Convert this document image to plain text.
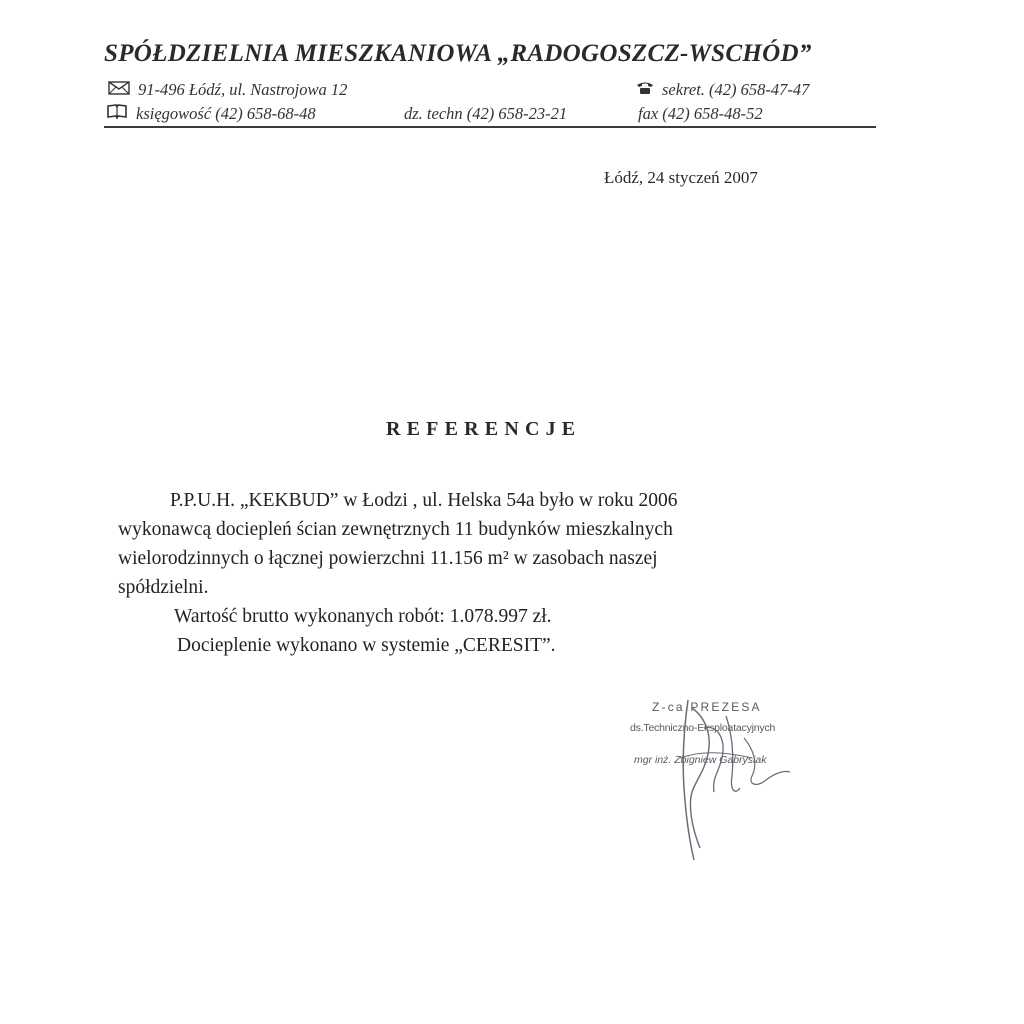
SPÓŁDZIELNIA MIESZKANIOWA „RADOGOSZCZ-WSCHÓD”
91-496 Łódź, ul. Nastrojowa 12	sekret. (42) 658-47-47
księgowość (42) 658-68-48	dz. techn (42) 658-23-21	fax (42) 658-48-52
Łódź, 24 styczeń 2007
REFERENCJE
P.P.U.H. „KEKBUD” w Łodzi , ul. Helska 54a było w roku 2006
wykonawcą dociepleń ścian zewnętrznych 11 budynków mieszkalnych
wielorodzinnych o łącznej powierzchni 11.156 m² w zasobach naszej
spółdzielni.
Wartość brutto wykonanych robót: 1.078.997 zł.
Docieplenie wykonano w systemie „CERESIT”.
Z-ca PREZESA
ds.Techniczno-Eksploatacyjnych
mgr inż. Zbigniew Gabrysiak
